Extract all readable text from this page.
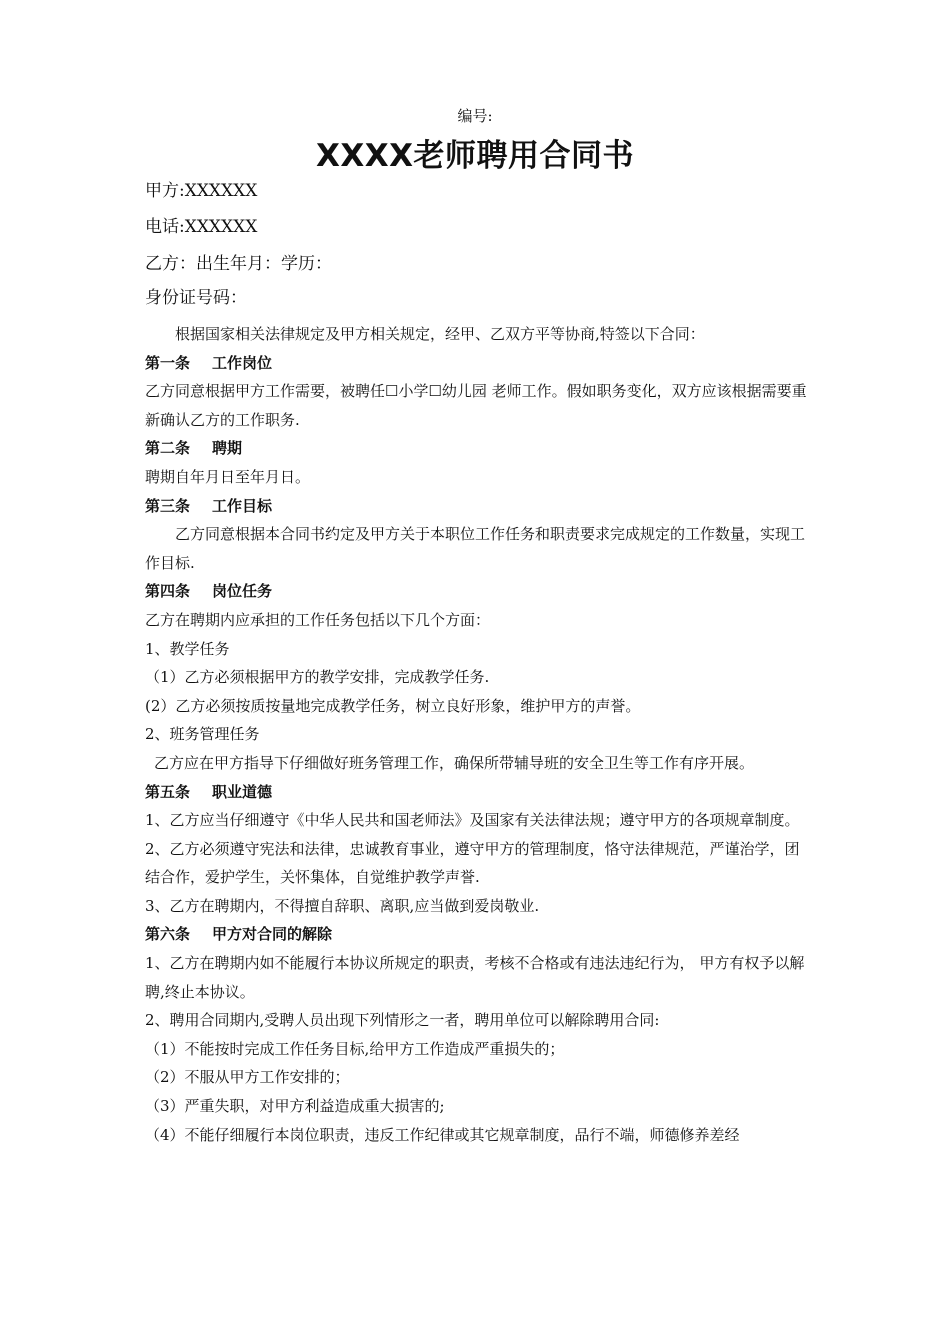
编号:
XXXX老师聘用合同书
甲方:XXXXXX
电话:XXXXXX
乙方：出生年月：学历：
身份证号码：

根据国家相关法律规定及甲方相关规定，经甲、乙双方平等协商,特签以下合同：

第一条 工作岗位

乙方同意根据甲方工作需要，被聘任☐小学☐幼儿园 老师工作。假如职务变化，双方应该根据需要重新确认乙方的工作职务.

第二条 聘期

聘期自年月日至年月日。

第三条 工作目标

乙方同意根据本合同书约定及甲方关于本职位工作任务和职责要求完成规定的工作数量，实现工作目标.

第四条 岗位任务

乙方在聘期内应承担的工作任务包括以下几个方面：

1、教学任务

（1）乙方必须根据甲方的教学安排，完成教学任务.

(2）乙方必须按质按量地完成教学任务，树立良好形象，维护甲方的声誉。

2、班务管理任务

乙方应在甲方指导下仔细做好班务管理工作，确保所带辅导班的安全卫生等工作有序开展。

第五条 职业道德

1、乙方应当仔细遵守《中华人民共和国老师法》及国家有关法律法规；遵守甲方的各项规章制度。

2、乙方必须遵守宪法和法律，忠诚教育事业，遵守甲方的管理制度，恪守法律规范，严谨治学，团结合作，爱护学生，关怀集体，自觉维护教学声誉.

3、乙方在聘期内，不得擅自辞职、离职,应当做到爱岗敬业.

第六条 甲方对合同的解除

1、乙方在聘期内如不能履行本协议所规定的职责，考核不合格或有违法违纪行为， 甲方有权予以解聘,终止本协议。

2、聘用合同期内,受聘人员出现下列情形之一者，聘用单位可以解除聘用合同:

（1）不能按时完成工作任务目标,给甲方工作造成严重损失的；

（2）不服从甲方工作安排的；

（3）严重失职，对甲方利益造成重大损害的;

（4）不能仔细履行本岗位职责，违反工作纪律或其它规章制度，品行不端，师德修养差经
